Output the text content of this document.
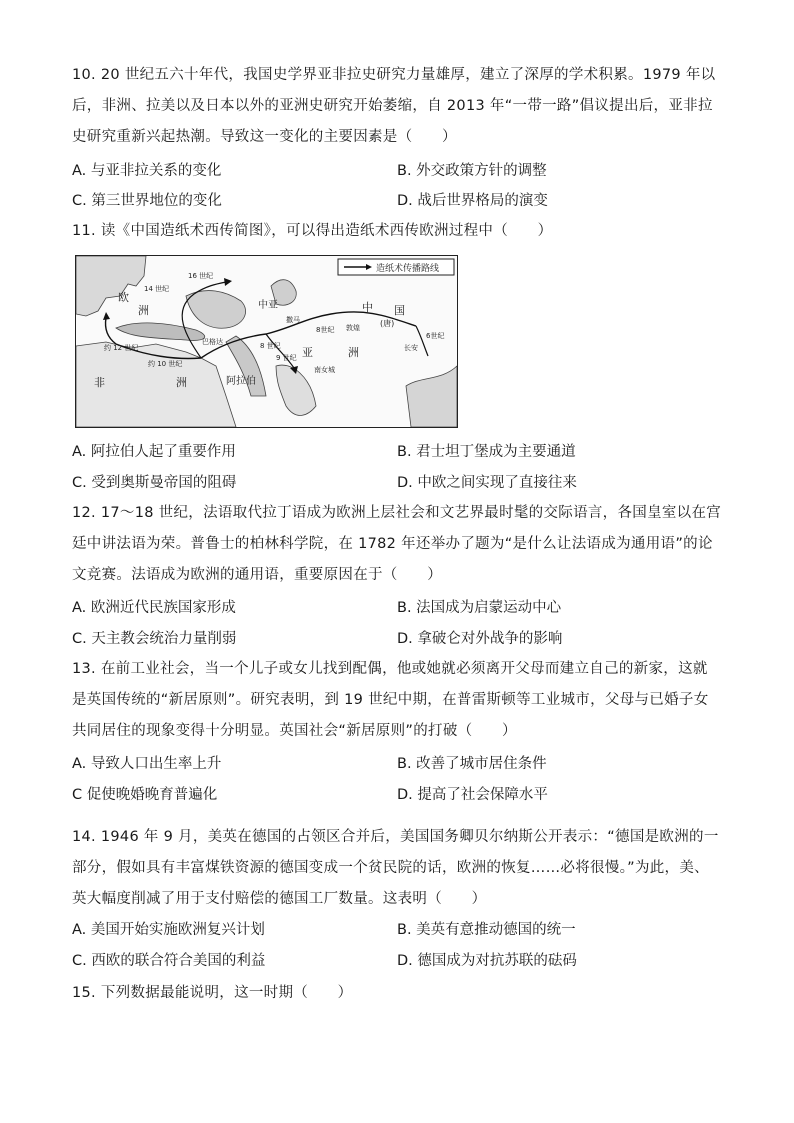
10. 20 世纪五六十年代，我国史学界亚非拉史研究力量雄厚，建立了深厚的学术积累。1979 年以后，非洲、拉美以及日本以外的亚洲史研究开始萎缩，自 2013 年“一带一路”倡议提出后，亚非拉史研究重新兴起热潮。导致这一变化的主要因素是（　　）
A. 与亚非拉关系的变化	B. 外交政策方针的调整
C. 第三世界地位的变化	D. 战后世界格局的演变
11. 读《中国造纸术西传简图》，可以得出造纸术西传欧洲过程中（　　）
造纸术传播路线
欧
洲	中亚	中 国
(唐)
亚	洲
阿拉伯
非	洲
巴格达
撒马
敦煌
长安
南女城
16 世纪
14 世纪
约 12 世纪
约 10 世纪
8 世纪
8世纪
9 世纪
6世纪
A. 阿拉伯人起了重要作用	B. 君士坦丁堡成为主要通道
C. 受到奥斯曼帝国的阻碍	D. 中欧之间实现了直接往来
12. 17～18 世纪，法语取代拉丁语成为欧洲上层社会和文艺界最时髦的交际语言，各国皇室以在宫廷中讲法语为荣。普鲁士的柏林科学院，在 1782 年还举办了题为“是什么让法语成为通用语”的论文竞赛。法语成为欧洲的通用语，重要原因在于（　　）
A. 欧洲近代民族国家形成	B. 法国成为启蒙运动中心
C. 天主教会统治力量削弱	D. 拿破仑对外战争的影响
13. 在前工业社会，当一个儿子或女儿找到配偶，他或她就必须离开父母而建立自己的新家，这就是英国传统的“新居原则”。研究表明，到 19 世纪中期，在普雷斯顿等工业城市，父母与已婚子女共同居住的现象变得十分明显。英国社会“新居原则”的打破（　　）
A. 导致人口出生率上升	B. 改善了城市居住条件
C 促使晚婚晚育普遍化	D. 提高了社会保障水平
14. 1946 年 9 月，美英在德国的占领区合并后，美国国务卿贝尔纳斯公开表示：“德国是欧洲的一部分，假如具有丰富煤铁资源的德国变成一个贫民院的话，欧洲的恢复……必将很慢。”为此，美、英大幅度削减了用于支付赔偿的德国工厂数量。这表明（　　）
A. 美国开始实施欧洲复兴计划	B. 美英有意推动德国的统一
C. 西欧的联合符合美国的利益	D. 德国成为对抗苏联的砝码
15. 下列数据最能说明，这一时期（　　）
